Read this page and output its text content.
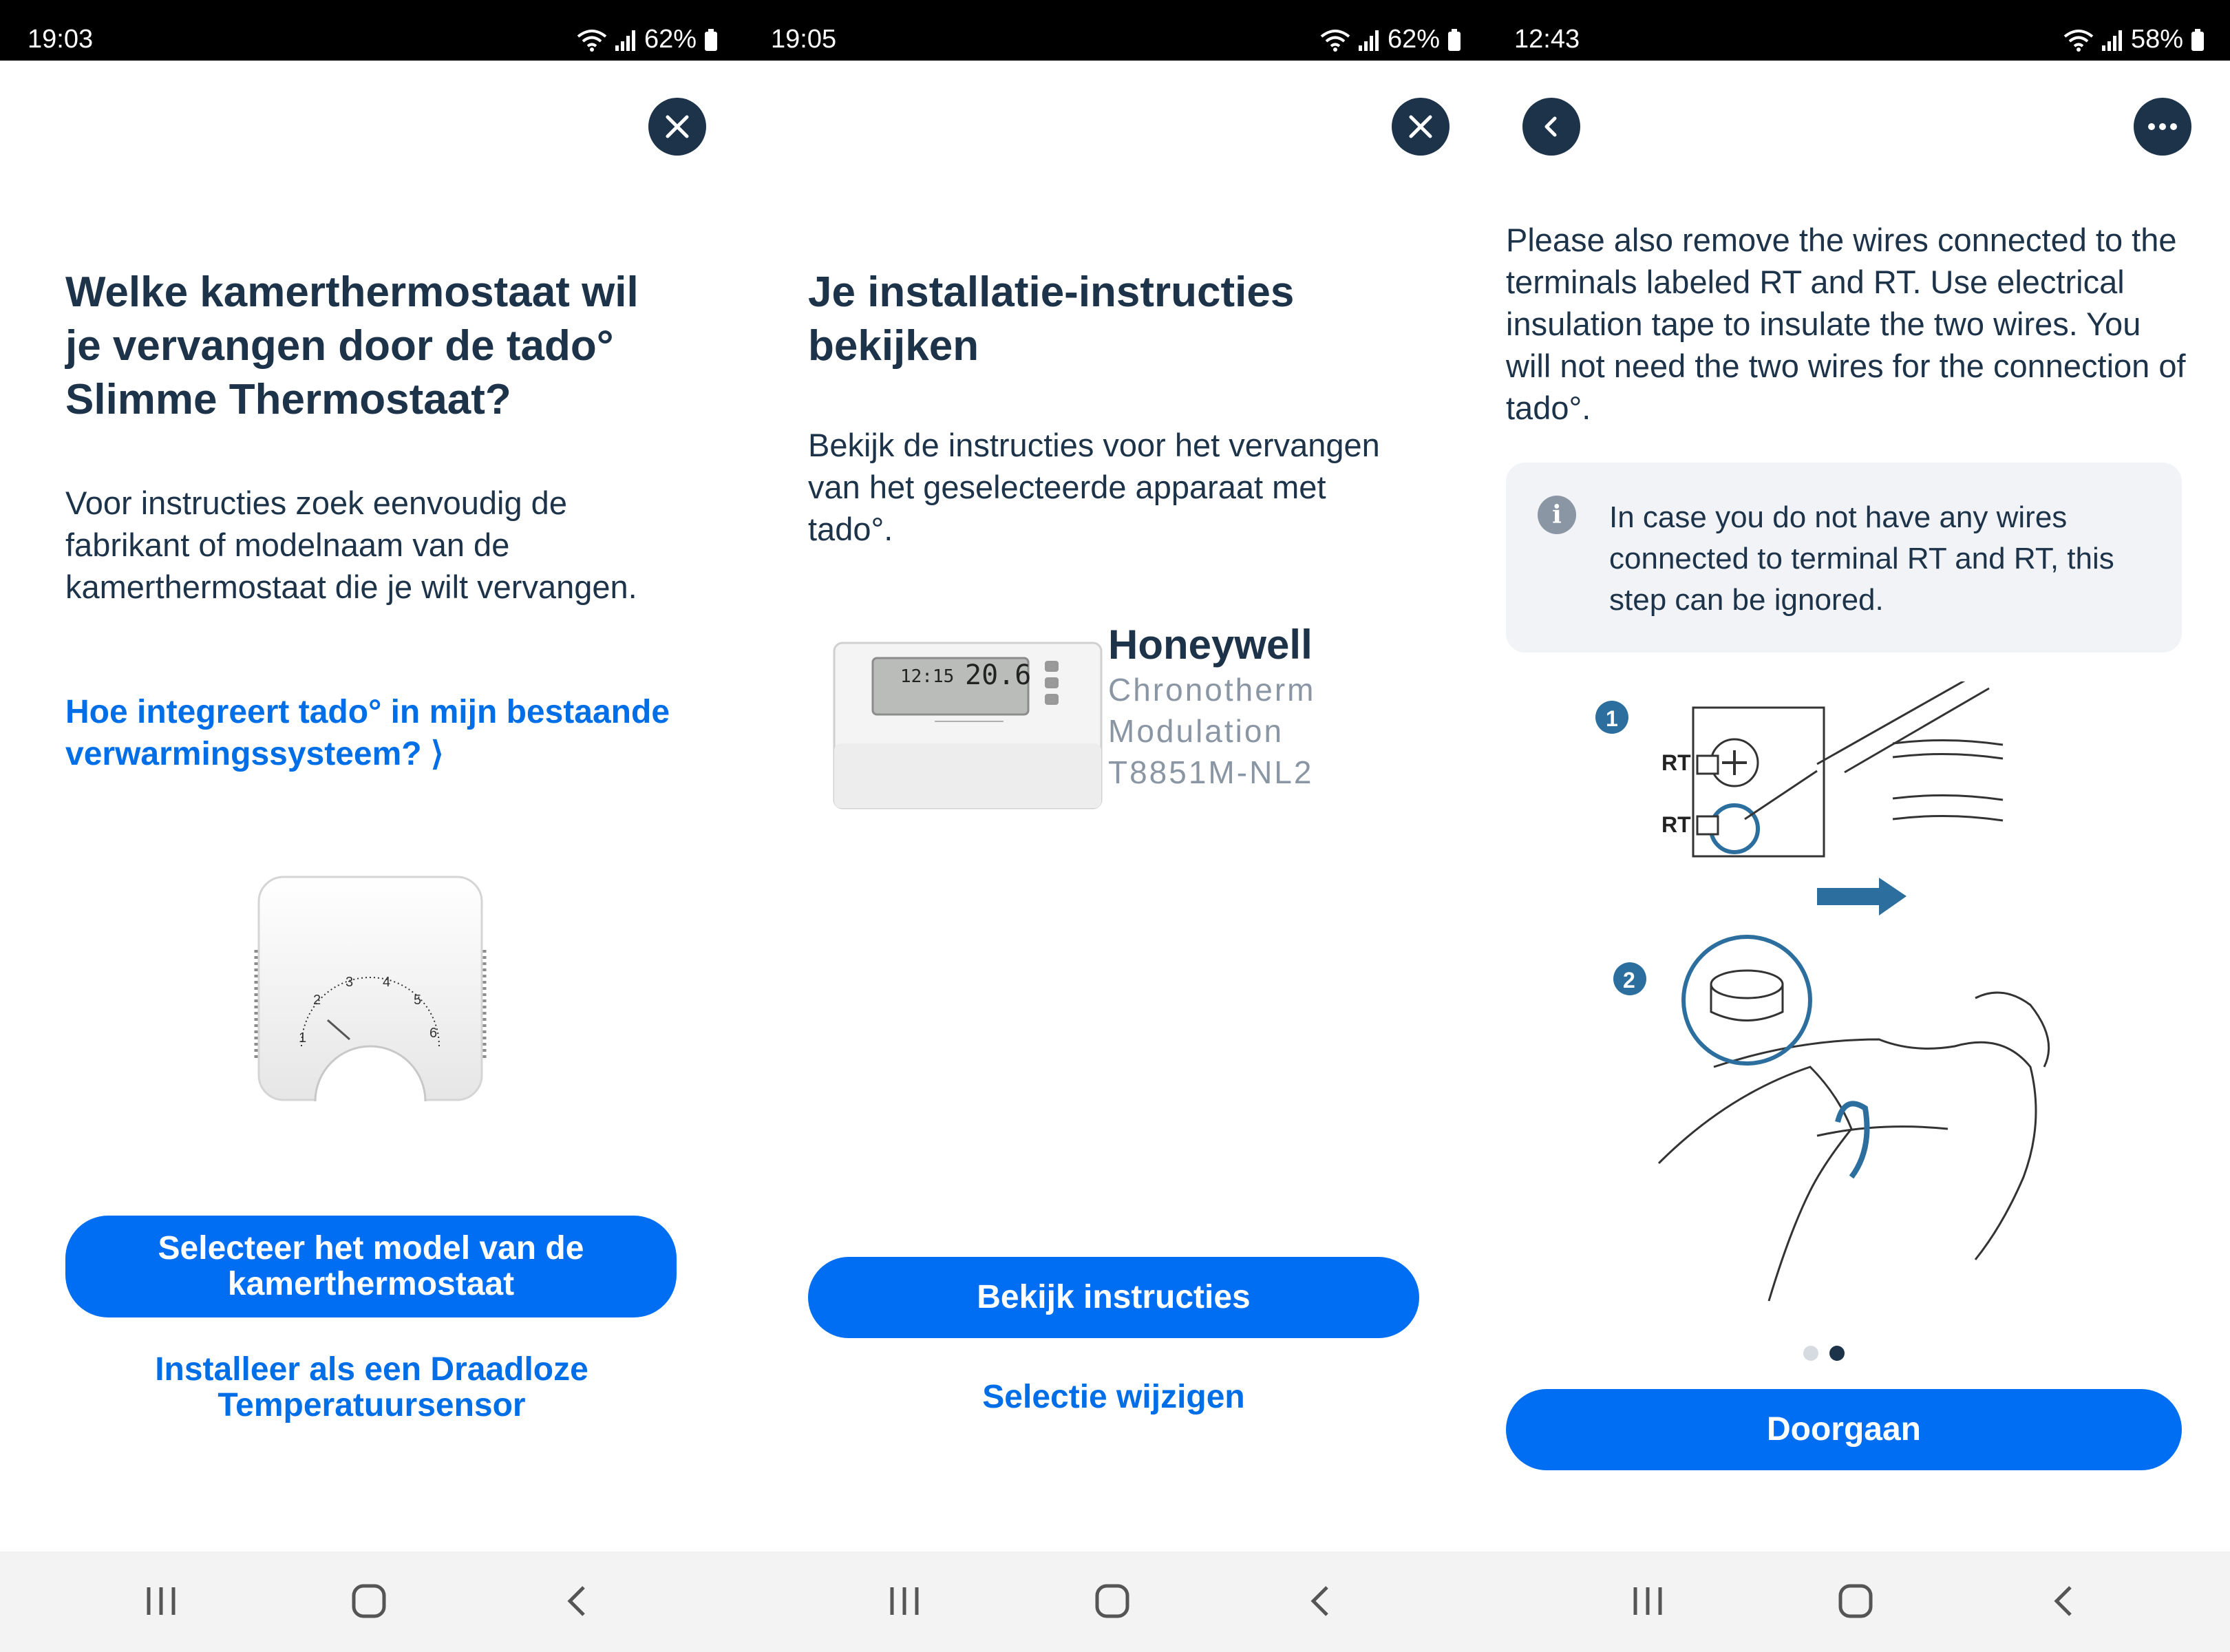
19:03	62%
Welke kamerthermostaat wil je vervangen door de tado° Slimme Thermostaat?
Voor instructies zoek eenvoudig de fabrikant of modelnaam van de kamerthermostaat die je wilt vervangen.
Hoe integreert tado° in mijn bestaande verwarmingssysteem? ⟩
1
2
3 4
5
6
Selecteer het model van de kamerthermostaat
Installeer als een Draadloze Temperatuursensor
19:05	62%
Je installatie-instructies bekijken
Bekijk de instructies voor het vervangen van het geselecteerde apparaat met tado°.
12:15 20.6
Honeywell
Chronotherm Modulation T8851M-NL2
Bekijk instructies
Selectie wijzigen
12:43	58%
Please also remove the wires connected to the terminals labeled RT and RT. Use electrical insulation tape to insulate the two wires. You will not need the two wires for the connection of tado°.
i	In case you do not have any wires connected to terminal RT and RT, this step can be ignored.
1
2
RT
RT
Doorgaan
